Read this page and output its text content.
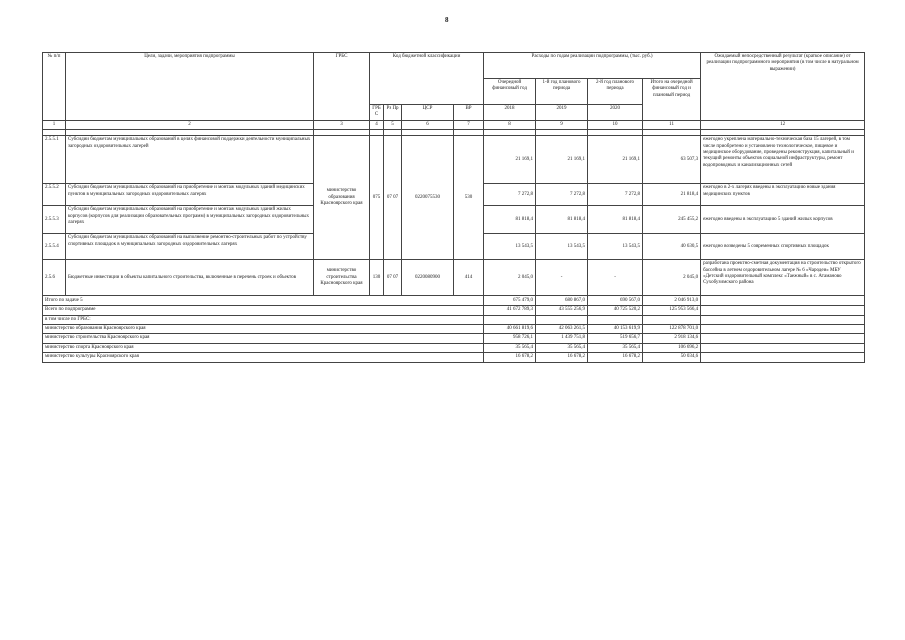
8
№ п/п	Цели, задачи, мероприятия подпрограммы	ГРБС	Код бюджетной классификации				Расходы по годам реализации подпрограммы, (тыс. руб.)				Ожидаемый непосредственный результат (краткое описание) от реализации подпрограммного мероприятия (в том числе в натуральном выражении)
							Очередной финансовый год	1-й год планового периода	2-й год планового периода	Итого на очередной финансовый год и плановый период	
			ГРБС	Рз Пр	ЦСР	ВР	2018	2019	2020		
1	2	3	4	5	6	7	8	9	10	11	12

2.5.5.1	Субсидии бюджетам муниципальных образований в целях финансовой поддержки деятельности муниципальных загородных оздоровительных лагерей	министерство образования Красноярского края	075	07 07	0220075530	530	21 169,1	21 169,1	21 169,1	63 507,3	ежегодно укреплена материально-техническая база 15 лагерей, в том числе приобретено и установлено технологическое, пищевое и медицинское оборудование, проведены реконструкция, капитальный и текущий ремонты объектов социальной инфраструктуры, ремонт водопроводных и канализационных сетей
2.5.5.2	Субсидии бюджетам муниципальных образований на приобретение и монтаж модульных зданий медицинских пунктов в муниципальных загородных оздоровительных лагерях						7 272,8	7 272,8	7 272,8	21 818,4	ежегодно в 2-х лагерях введены в эксплуатацию новые здания медицинских пунктов
2.5.5.3	Субсидии бюджетам муниципальных образований на приобретение и монтаж модульных зданий жилых корпусов (корпусов для реализации образовательных программ) в муниципальных загородных оздоровительных лагерях						81 818,4	81 818,4	81 818,4	245 455,2	ежегодно введены в эксплуатацию 5 зданий жилых корпусов
2.5.5.4	Субсидии бюджетам муниципальных образований на выполнение ремонтно-строительных работ по устройству спортивных площадок в муниципальных загородных оздоровительных лагерях						13 543,5	13 543,5	13 543,5	40 630,5	ежегодно возведены 5 современных спортивных площадок
2.5.6	Бюджетные инвестиции в объекты капитального строительства, включенные в перечень строек и объектов	министерство строительства Красноярского края	130	07 07	0220080900	414	2 045,0	-	-	2 045,0	разработана проектно-сметная документация на строительство открытого бассейна в летнем оздоровительном лагере № 6 «Чародеи» МБУ «Детский оздоровительный комплекс «Таежный» в с. Атаманово Сухобузимского района
Итого по задаче 5							675 479,0	680 867,0	690 567,0	2 046 913,0	
Всего по подпрограмме							41 672 789,3	43 555 256,9	40 725 520,2	125 953 566,4	
в том числе по ГРБС:											
министерство образования Красноярского края							40 661 819,6	42 063 261,5	40 153 619,9	122 878 701,0	
министерство строительства Красноярского края							958 726,1	1 439 751,8	519 656,7	2 918 134,6	
министерство спорта Красноярского края							35 565,4	35 565,4	35 565,4	106 696,2	
министерство культуры Красноярского края							16 678,2	16 678,2	16 678,2	50 034,6	
